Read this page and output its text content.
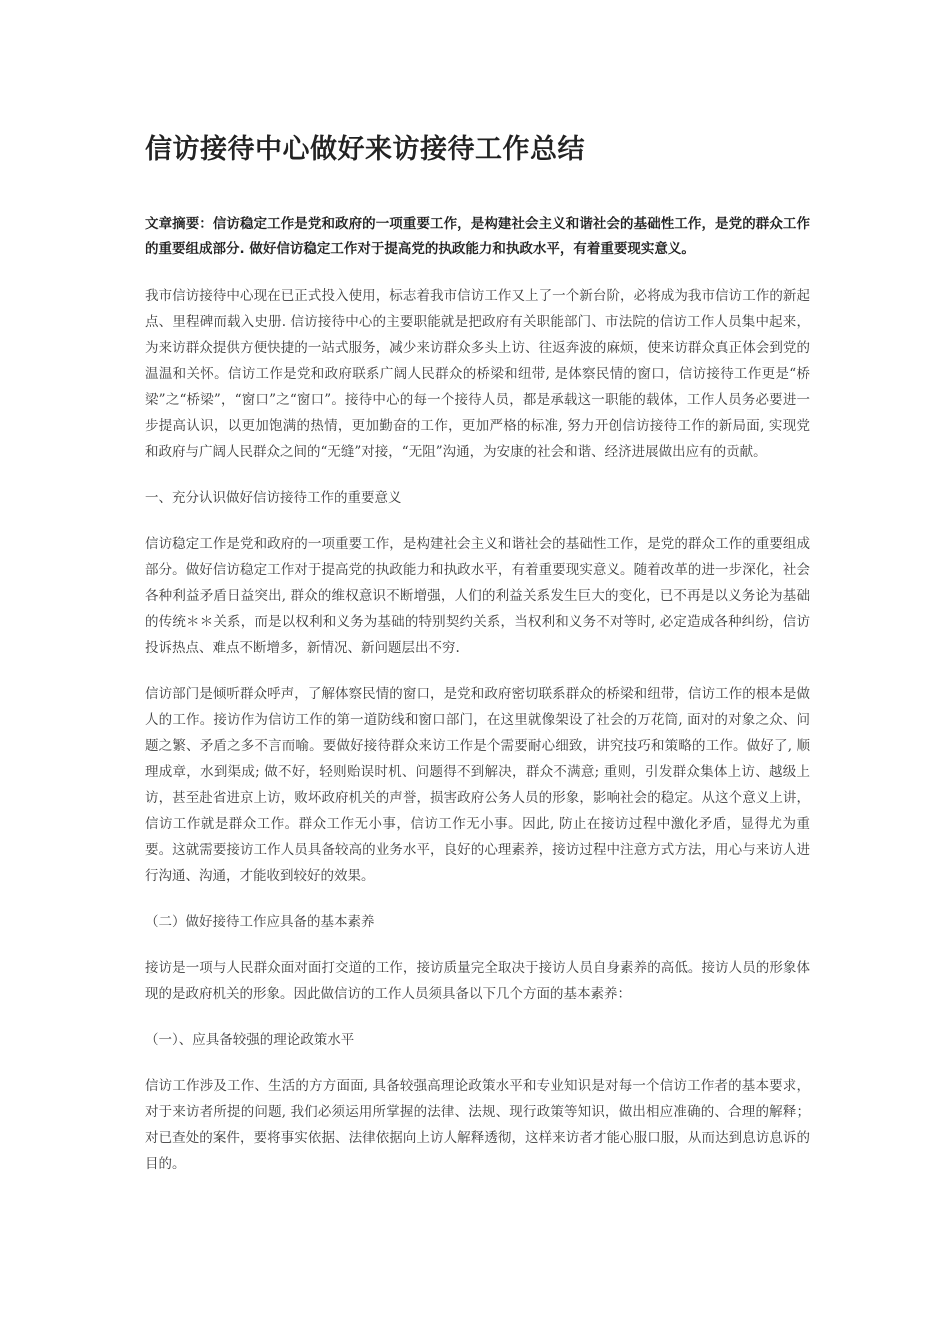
信访接待中心做好来访接待工作总结

文章摘要：信访稳定工作是党和政府的一项重要工作，是构建社会主义和谐社会的基础性工作，是党的群众工作的重要组成部分. 做好信访稳定工作对于提高党的执政能力和执政水平，有着重要现实意义。

我市信访接待中心现在已正式投入使用，标志着我市信访工作又上了一个新台阶，必将成为我市信访工作的新起点、里程碑而载入史册. 信访接待中心的主要职能就是把政府有关职能部门、市法院的信访工作人员集中起来，为来访群众提供方便快捷的一站式服务，减少来访群众多头上访、往返奔波的麻烦，使来访群众真正体会到党的温温和关怀。信访工作是党和政府联系广阔人民群众的桥梁和纽带, 是体察民情的窗口，信访接待工作更是“桥梁”之“桥梁”，“窗口”之“窗口”。接待中心的每一个接待人员，都是承载这一职能的载体，工作人员务必要进一步提高认识，以更加饱满的热情，更加勤奋的工作，更加严格的标准, 努力开创信访接待工作的新局面, 实现党和政府与广阔人民群众之间的“无缝”对接，“无阻”沟通，为安康的社会和谐、经济进展做出应有的贡献。

一、充分认识做好信访接待工作的重要意义

信访稳定工作是党和政府的一项重要工作，是构建社会主义和谐社会的基础性工作，是党的群众工作的重要组成部分。做好信访稳定工作对于提高党的执政能力和执政水平，有着重要现实意义。随着改革的进一步深化，社会各种利益矛盾日益突出, 群众的维权意识不断增强，人们的利益关系发生巨大的变化，已不再是以义务论为基础的传统＊＊关系，而是以权利和义务为基础的特别契约关系，当权利和义务不对等时, 必定造成各种纠纷，信访投诉热点、难点不断增多，新情况、新问题层出不穷.

信访部门是倾听群众呼声，了解体察民情的窗口，是党和政府密切联系群众的桥梁和纽带，信访工作的根本是做人的工作。接访作为信访工作的第一道防线和窗口部门，在这里就像架设了社会的万花筒, 面对的对象之众、问题之繁、矛盾之多不言而喻。要做好接待群众来访工作是个需要耐心细致，讲究技巧和策略的工作。做好了, 顺理成章，水到渠成; 做不好，轻则贻误时机、问题得不到解决，群众不满意; 重则，引发群众集体上访、越级上访，甚至赴省进京上访，败坏政府机关的声誉，损害政府公务人员的形象，影响社会的稳定。从这个意义上讲，信访工作就是群众工作。群众工作无小事，信访工作无小事。因此, 防止在接访过程中激化矛盾，显得尤为重要。这就需要接访工作人员具备较高的业务水平，良好的心理素养，接访过程中注意方式方法，用心与来访人进行沟通、沟通，才能收到较好的效果。

（二）做好接待工作应具备的基本素养

接访是一项与人民群众面对面打交道的工作，接访质量完全取决于接访人员自身素养的高低。接访人员的形象体现的是政府机关的形象。因此做信访的工作人员须具备以下几个方面的基本素养：

（一）、应具备较强的理论政策水平

信访工作涉及工作、生活的方方面面, 具备较强高理论政策水平和专业知识是对每一个信访工作者的基本要求，对于来访者所提的问题, 我们必须运用所掌握的法律、法规、现行政策等知识，做出相应准确的、合理的解释；对已查处的案件，要将事实依据、法律依据向上访人解释透彻，这样来访者才能心服口服，从而达到息访息诉的目的。
